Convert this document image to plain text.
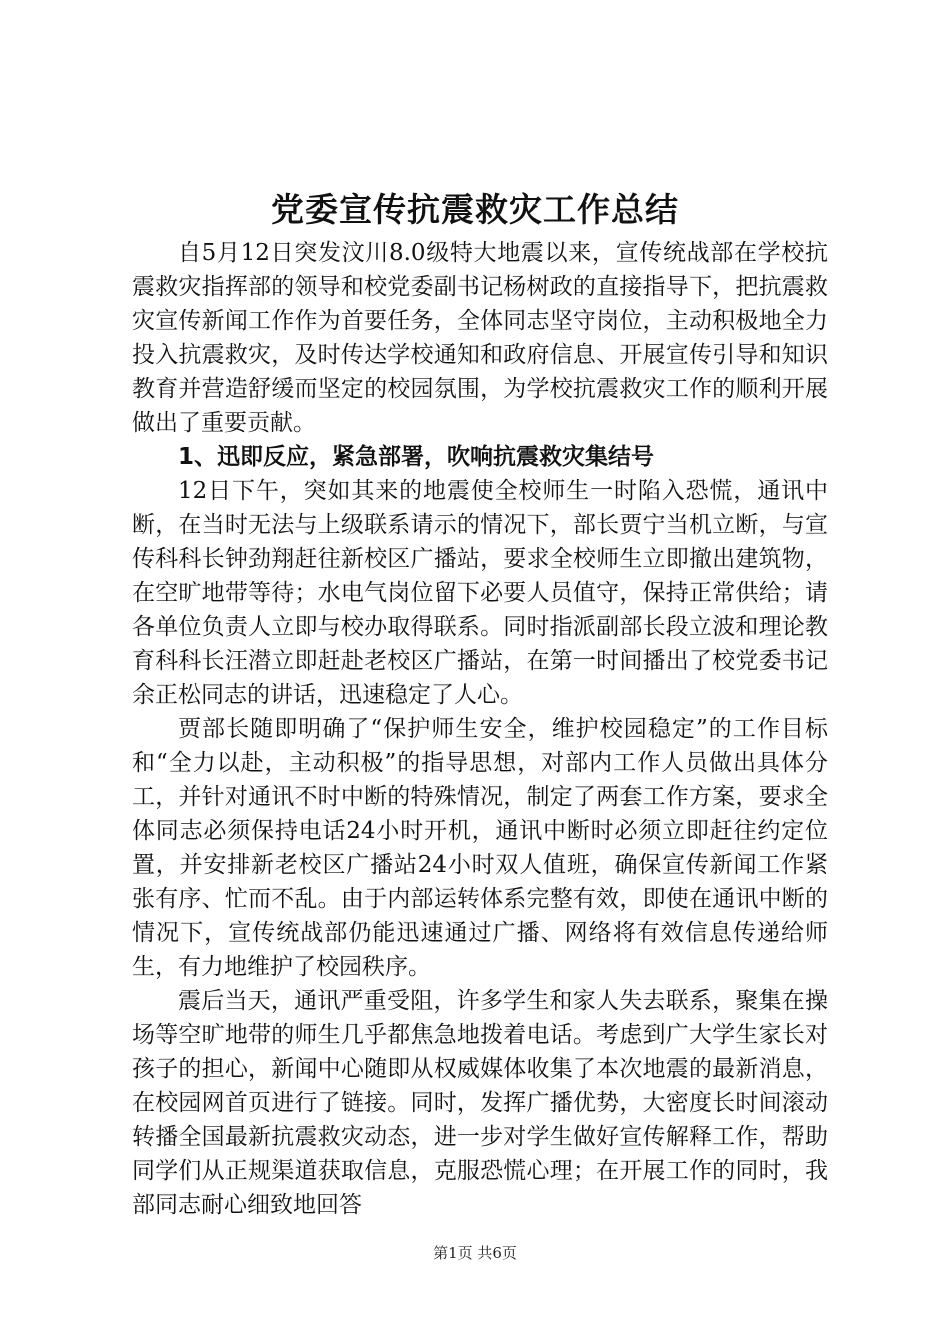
党委宣传抗震救灾工作总结

自5月12日突发汶川8.0级特大地震以来，宣传统战部在学校抗震救灾指挥部的领导和校党委副书记杨树政的直接指导下，把抗震救灾宣传新闻工作作为首要任务，全体同志坚守岗位，主动积极地全力投入抗震救灾，及时传达学校通知和政府信息、开展宣传引导和知识教育并营造舒缓而坚定的校园氛围，为学校抗震救灾工作的顺利开展做出了重要贡献。

1、迅即反应，紧急部署，吹响抗震救灾集结号

12日下午，突如其来的地震使全校师生一时陷入恐慌，通讯中断，在当时无法与上级联系请示的情况下，部长贾宁当机立断，与宣传科科长钟劲翔赶往新校区广播站，要求全校师生立即撤出建筑物，在空旷地带等待；水电气岗位留下必要人员值守，保持正常供给；请各单位负责人立即与校办取得联系。同时指派副部长段立波和理论教育科科长汪潜立即赶赴老校区广播站，在第一时间播出了校党委书记余正松同志的讲话，迅速稳定了人心。

贾部长随即明确了“保护师生安全，维护校园稳定”的工作目标和“全力以赴，主动积极”的指导思想，对部内工作人员做出具体分工，并针对通讯不时中断的特殊情况，制定了两套工作方案，要求全体同志必须保持电话24小时开机，通讯中断时必须立即赶往约定位置，并安排新老校区广播站24小时双人值班，确保宣传新闻工作紧张有序、忙而不乱。由于内部运转体系完整有效，即使在通讯中断的情况下，宣传统战部仍能迅速通过广播、网络将有效信息传递给师生，有力地维护了校园秩序。

震后当天，通讯严重受阻，许多学生和家人失去联系，聚集在操场等空旷地带的师生几乎都焦急地拨着电话。考虑到广大学生家长对孩子的担心，新闻中心随即从权威媒体收集了本次地震的最新消息，在校园网首页进行了链接。同时，发挥广播优势，大密度长时间滚动转播全国最新抗震救灾动态，进一步对学生做好宣传解释工作，帮助同学们从正规渠道获取信息，克服恐慌心理；在开展工作的同时，我部同志耐心细致地回答

第1页 共6页
